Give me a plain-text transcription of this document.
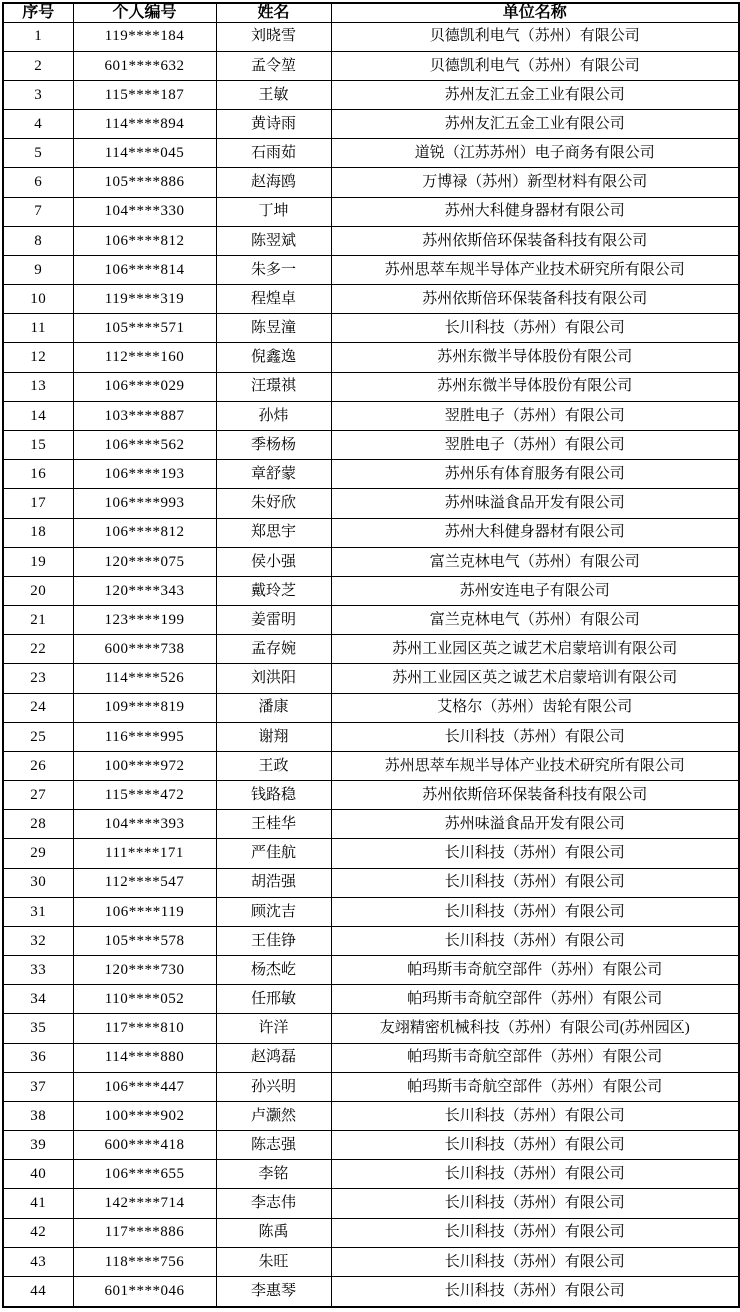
序号	个人编号	姓名	单位名称
1	119****184	刘晓雪	贝德凯利电气（苏州）有限公司
2	601****632	孟令堃	贝德凯利电气（苏州）有限公司
3	115****187	王敏	苏州友汇五金工业有限公司
4	114****894	黄诗雨	苏州友汇五金工业有限公司
5	114****045	石雨茹	道锐（江苏苏州）电子商务有限公司
6	105****886	赵海鸥	万博禄（苏州）新型材料有限公司
7	104****330	丁坤	苏州大科健身器材有限公司
8	106****812	陈翌斌	苏州依斯倍环保装备科技有限公司
9	106****814	朱多一	苏州思萃车规半导体产业技术研究所有限公司
10	119****319	程煌卓	苏州依斯倍环保装备科技有限公司
11	105****571	陈昱潼	长川科技（苏州）有限公司
12	112****160	倪鑫逸	苏州东微半导体股份有限公司
13	106****029	汪璟祺	苏州东微半导体股份有限公司
14	103****887	孙炜	翌胜电子（苏州）有限公司
15	106****562	季杨杨	翌胜电子（苏州）有限公司
16	106****193	章舒蒙	苏州乐有体育服务有限公司
17	106****993	朱妤欣	苏州味溢食品开发有限公司
18	106****812	郑思宇	苏州大科健身器材有限公司
19	120****075	侯小强	富兰克林电气（苏州）有限公司
20	120****343	戴玲芝	苏州安连电子有限公司
21	123****199	姜雷明	富兰克林电气（苏州）有限公司
22	600****738	孟存婉	苏州工业园区英之诚艺术启蒙培训有限公司
23	114****526	刘洪阳	苏州工业园区英之诚艺术启蒙培训有限公司
24	109****819	潘康	艾格尔（苏州）齿轮有限公司
25	116****995	谢翔	长川科技（苏州）有限公司
26	100****972	王政	苏州思萃车规半导体产业技术研究所有限公司
27	115****472	钱路稳	苏州依斯倍环保装备科技有限公司
28	104****393	王桂华	苏州味溢食品开发有限公司
29	111****171	严佳航	长川科技（苏州）有限公司
30	112****547	胡浩强	长川科技（苏州）有限公司
31	106****119	顾沈吉	长川科技（苏州）有限公司
32	105****578	王佳铮	长川科技（苏州）有限公司
33	120****730	杨杰屹	帕玛斯韦奇航空部件（苏州）有限公司
34	110****052	任邢敏	帕玛斯韦奇航空部件（苏州）有限公司
35	117****810	许洋	友翊精密机械科技（苏州）有限公司(苏州园区)
36	114****880	赵鸿磊	帕玛斯韦奇航空部件（苏州）有限公司
37	106****447	孙兴明	帕玛斯韦奇航空部件（苏州）有限公司
38	100****902	卢灏然	长川科技（苏州）有限公司
39	600****418	陈志强	长川科技（苏州）有限公司
40	106****655	李铭	长川科技（苏州）有限公司
41	142****714	李志伟	长川科技（苏州）有限公司
42	117****886	陈禹	长川科技（苏州）有限公司
43	118****756	朱旺	长川科技（苏州）有限公司
44	601****046	李惠琴	长川科技（苏州）有限公司
